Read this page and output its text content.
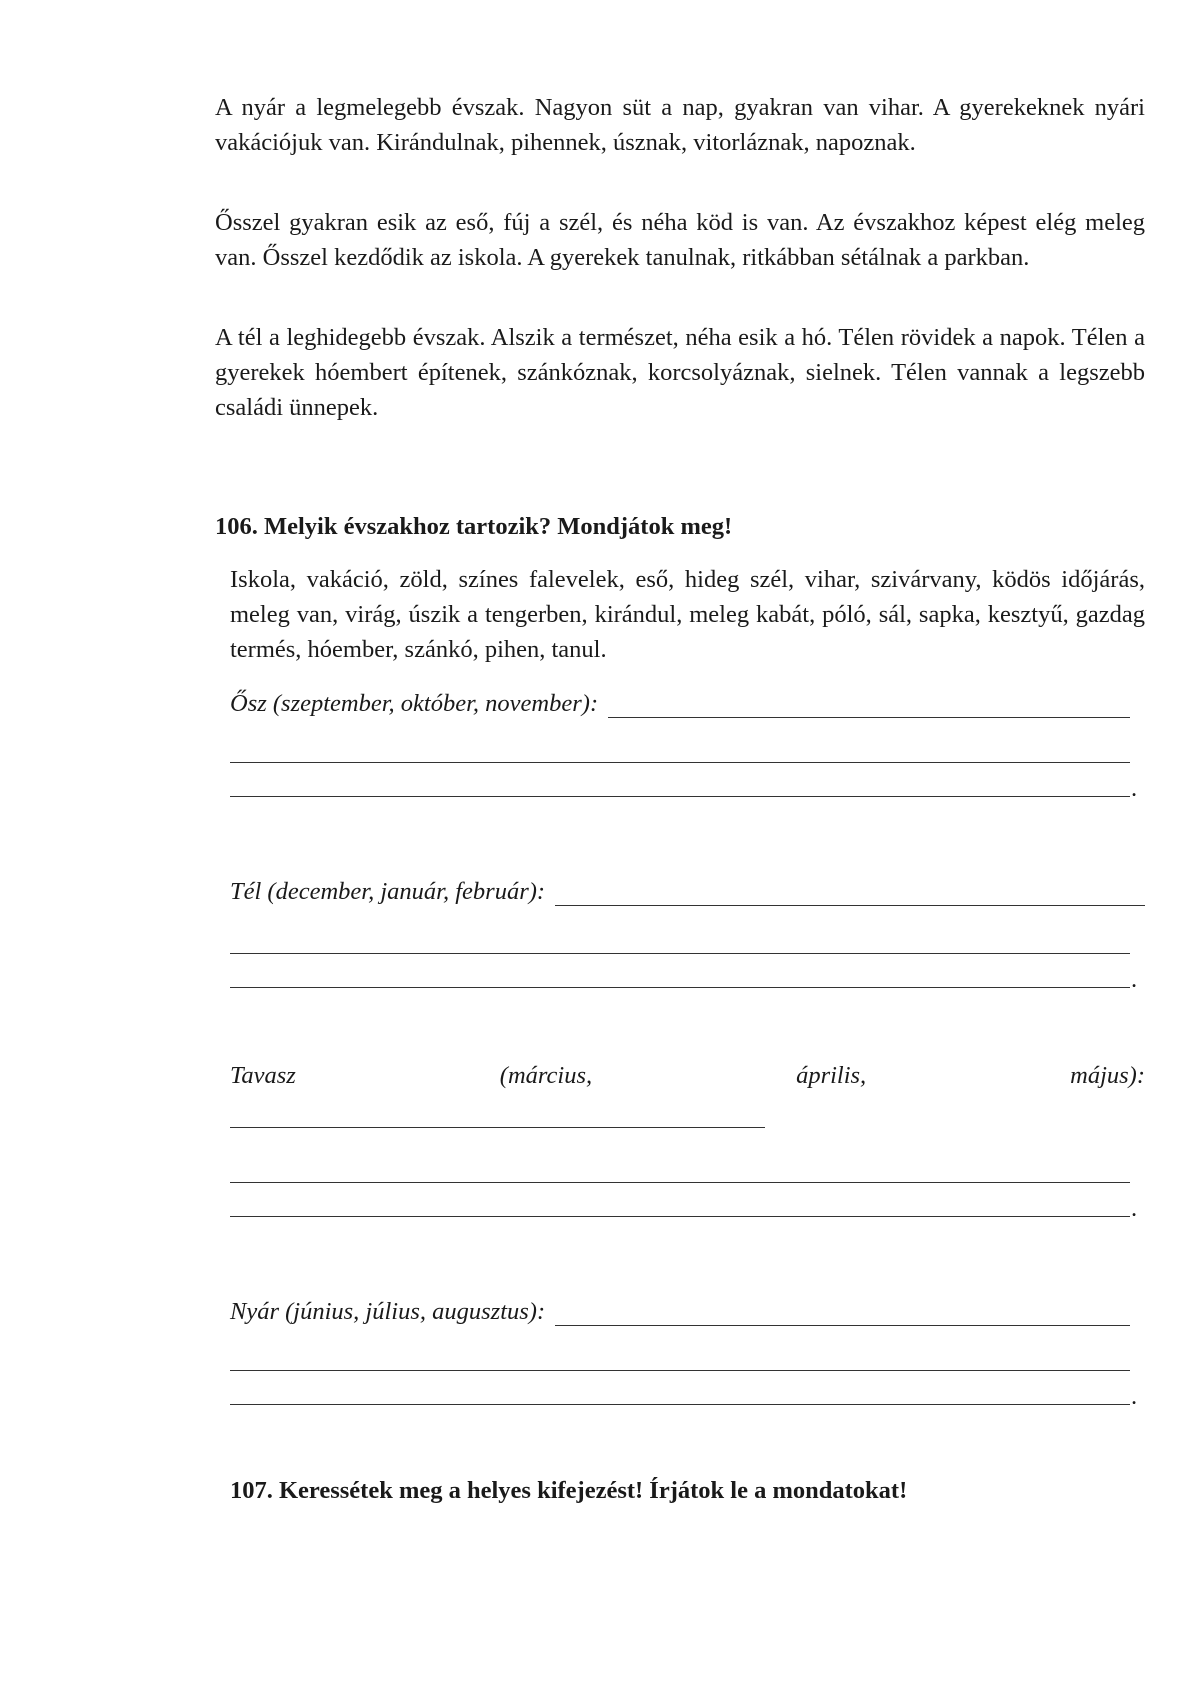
A nyár a legmelegebb évszak. Nagyon süt a nap, gyakran van vihar. A gyerekeknek nyári vakációjuk van. Kirándulnak, pihennek, úsznak, vitorláznak, napoznak.

Ősszel gyakran esik az eső, fúj a szél, és néha köd is van. Az évszakhoz képest elég meleg van. Ősszel kezdődik az iskola. A gyerekek tanulnak, ritkábban sétálnak a parkban.

A tél a leghidegebb évszak. Alszik a természet, néha esik a hó. Télen rövidek a napok. Télen a gyerekek hóembert építenek, szánkóznak, korcsolyáznak, sielnek. Télen vannak a legszebb családi ünnepek.

106. Melyik évszakhoz tartozik? Mondjátok meg!

Iskola, vakáció, zöld, színes falevelek, eső, hideg szél, vihar, szivárvany, ködös időjárás, meleg van, virág, úszik a tengerben, kirándul, meleg kabát, póló, sál, sapka, kesztyű, gazdag termés, hóember, szánkó, pihen, tanul.

Ősz (szeptember, október, november):
.
Tél (december, január, február):
.
Tavasz	(március,	április,	május):
.
Nyár (június, július, augusztus):
.
107. Keressétek meg a helyes kifejezést! Írjátok le a mondatokat!
